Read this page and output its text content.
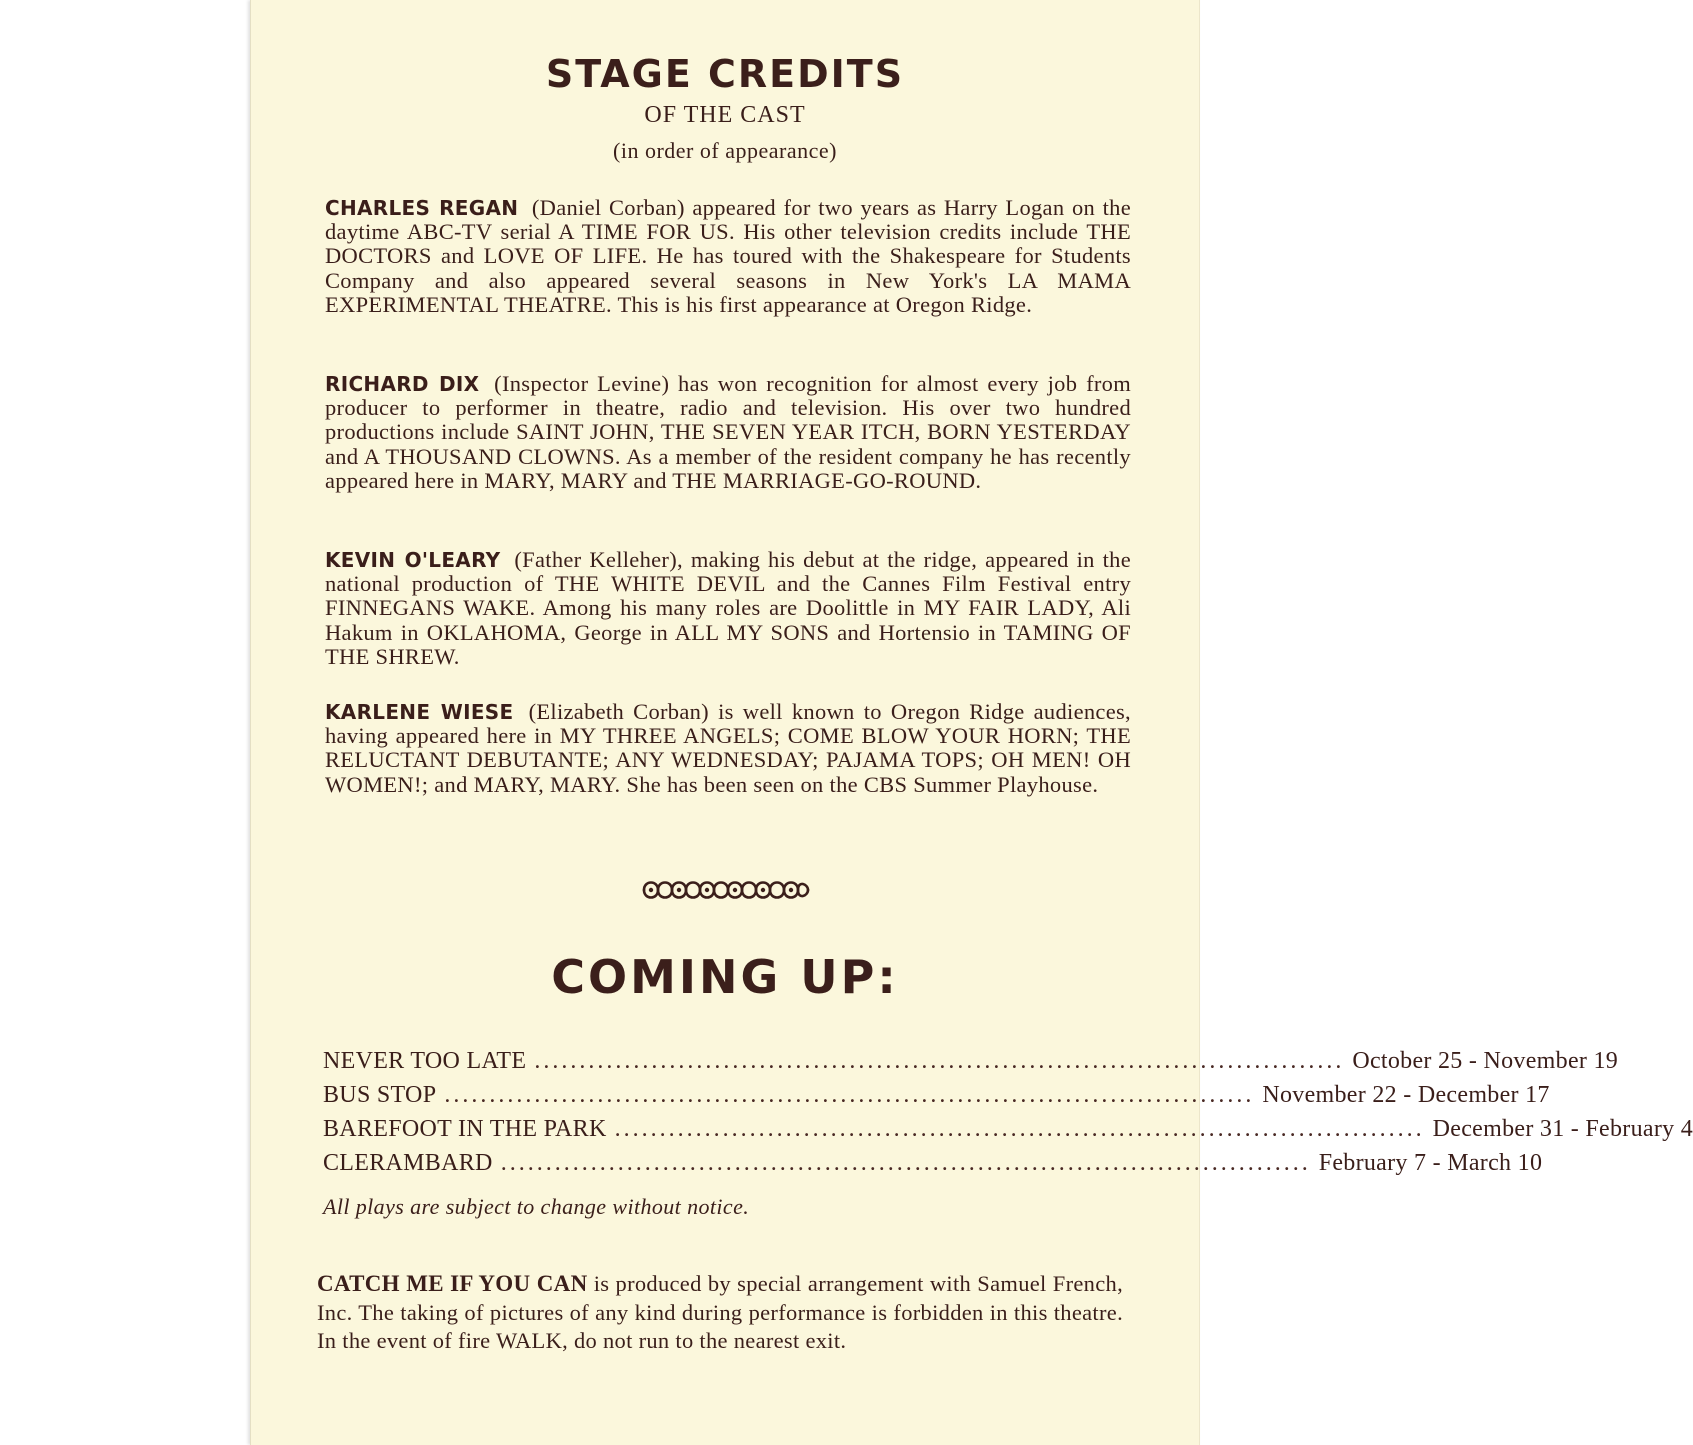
STAGE CREDITS
OF THE CAST
(in order of appearance)
CHARLES REGAN (Daniel Corban) appeared for two years as Harry Logan on the daytime ABC-TV serial A TIME FOR US. His other television credits include THE DOCTORS and LOVE OF LIFE. He has toured with the Shakespeare for Students Company and also appeared several seasons in New York's LA MAMA EXPERIMENTAL THEATRE. This is his first appearance at Oregon Ridge.
RICHARD DIX (Inspector Levine) has won recognition for almost every job from producer to performer in theatre, radio and television. His over two hundred productions include SAINT JOHN, THE SEVEN YEAR ITCH, BORN YESTERDAY and A THOUSAND CLOWNS. As a member of the resident company he has recently appeared here in MARY, MARY and THE MARRIAGE-GO-ROUND.
KEVIN O'LEARY (Father Kelleher), making his debut at the ridge, appeared in the national production of THE WHITE DEVIL and the Cannes Film Festival entry FINNEGANS WAKE. Among his many roles are Doolittle in MY FAIR LADY, Ali Hakum in OKLAHOMA, George in ALL MY SONS and Hortensio in TAMING OF THE SHREW.
KARLENE WIESE (Elizabeth Corban) is well known to Oregon Ridge audiences, having appeared here in MY THREE ANGELS; COME BLOW YOUR HORN; THE RELUCTANT DEBUTANTE; ANY WEDNESDAY; PAJAMA TOPS; OH MEN! OH WOMEN!; and MARY, MARY. She has been seen on the CBS Summer Playhouse.
COMING UP:
NEVER TOO LATE .......................................................................................... October 25 - November 19
BUS STOP .......................................................................................... November 22 - December 17
BAREFOOT IN THE PARK .......................................................................................... December 31 - February 4
CLERAMBARD .......................................................................................... February 7 - March 10
All plays are subject to change without notice.
CATCH ME IF YOU CAN is produced by special arrangement with Samuel French, Inc. The taking of pictures of any kind during performance is forbidden in this theatre. In the event of fire WALK, do not run to the nearest exit.
